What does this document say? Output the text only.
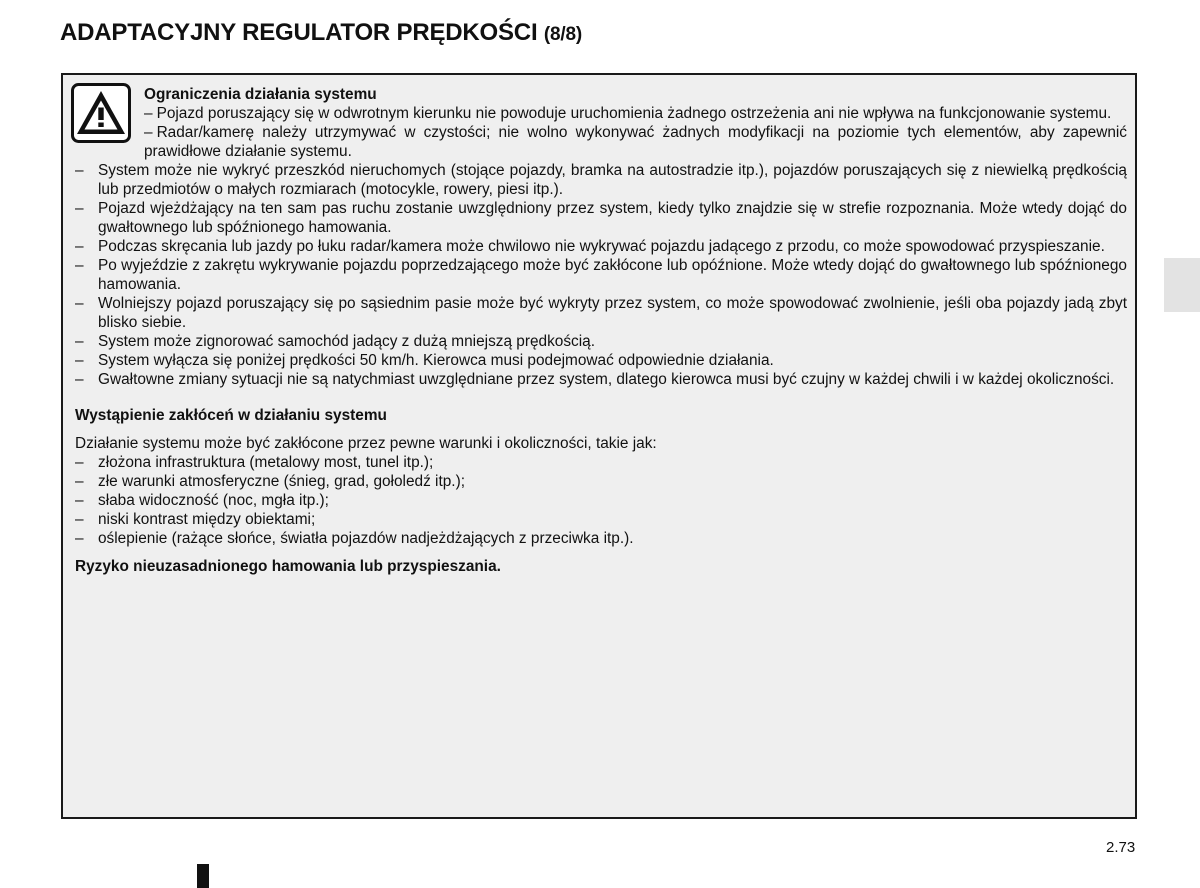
ADAPTACYJNY REGULATOR PRĘDKOŚCI (8/8)
Ograniczenia działania systemu
– Pojazd poruszający się w odwrotnym kierunku nie powoduje uruchomienia żadnego ostrzeżenia ani nie wpływa na funkcjonowanie systemu.
– Radar/kamerę należy utrzymywać w czystości; nie wolno wykonywać żadnych modyfikacji na poziomie tych elementów, aby zapewnić prawidłowe działanie systemu.
– System może nie wykryć przeszkód nieruchomych (stojące pojazdy, bramka na autostradzie itp.), pojazdów poruszających się z niewielką prędkością lub przedmiotów o małych rozmiarach (motocykle, rowery, piesi itp.).
– Pojazd wjeżdżający na ten sam pas ruchu zostanie uwzględniony przez system, kiedy tylko znajdzie się w strefie rozpoznania. Może wtedy dojąć do gwałtownego lub spóźnionego hamowania.
– Podczas skręcania lub jazdy po łuku radar/kamera może chwilowo nie wykrywać pojazdu jadącego z przodu, co może spowodować przyspieszanie.
– Po wyjeździe z zakrętu wykrywanie pojazdu poprzedzającego może być zakłócone lub opóźnione. Może wtedy dojąć do gwałtownego lub spóźnionego hamowania.
– Wolniejszy pojazd poruszający się po sąsiednim pasie może być wykryty przez system, co może spowodować zwolnienie, jeśli oba pojazdy jadą zbyt blisko siebie.
– System może zignorować samochód jadący z dużą mniejszą prędkością.
– System wyłącza się poniżej prędkości 50 km/h. Kierowca musi podejmować odpowiednie działania.
– Gwałtowne zmiany sytuacji nie są natychmiast uwzględniane przez system, dlatego kierowca musi być czujny w każdej chwili i w każdej okoliczności.
Wystąpienie zakłóceń w działaniu systemu
Działanie systemu może być zakłócone przez pewne warunki i okoliczności, takie jak:
– złożona infrastruktura (metalowy most, tunel itp.);
– złe warunki atmosferyczne (śnieg, grad, gołoledź itp.);
– słaba widoczność (noc, mgła itp.);
– niski kontrast między obiektami;
– oślepienie (rażące słońce, światła pojazdów nadjeżdżających z przeciwka itp.).
Ryzyko nieuzasadnionego hamowania lub przyspieszania.
2.73
